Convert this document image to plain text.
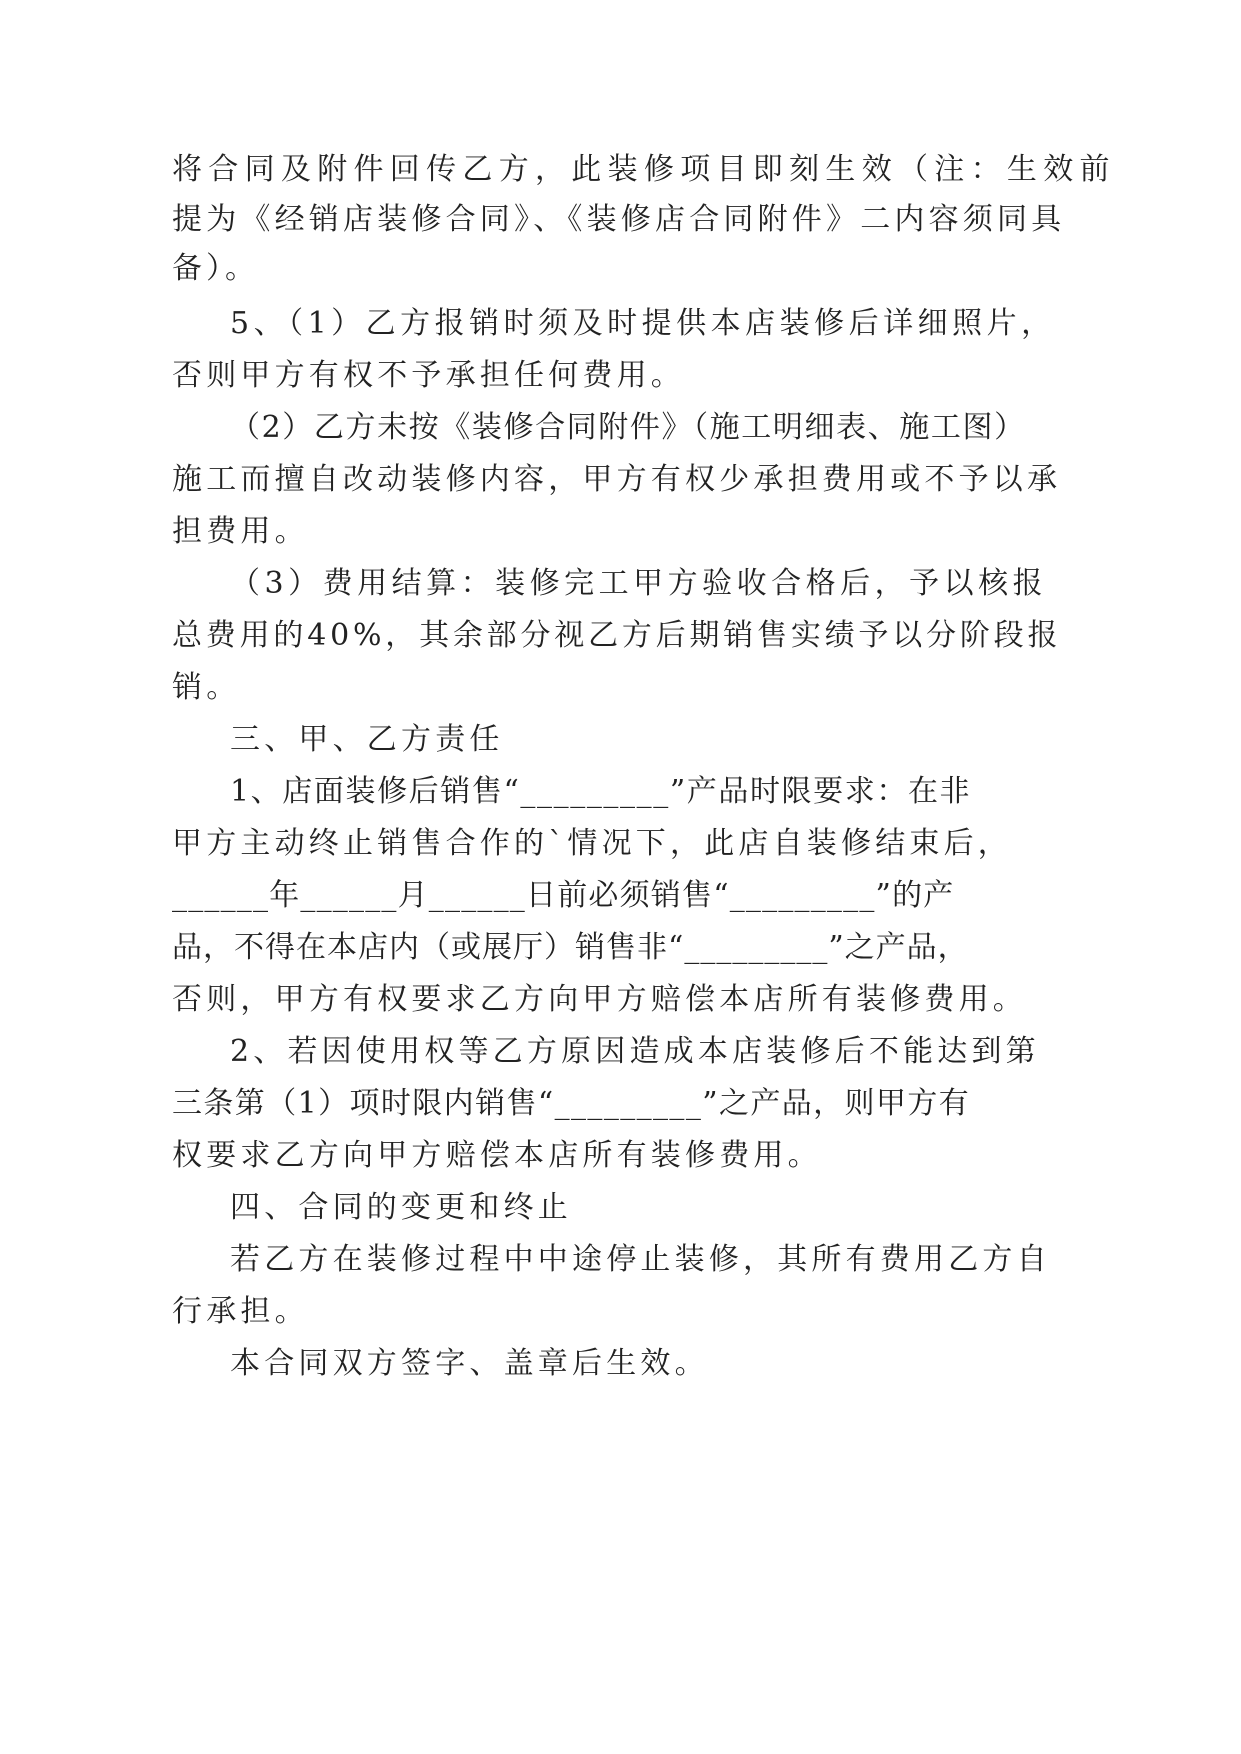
将合同及附件回传乙方，此装修项目即刻生效（注：生效前
提为《经销店装修合同》、《装修店合同附件》二内容须同具
备）。
5、（1）乙方报销时须及时提供本店装修后详细照片，
否则甲方有权不予承担任何费用。
（2）乙方未按《装修合同附件》（施工明细表、施工图）
施工而擅自改动装修内容，甲方有权少承担费用或不予以承
担费用。
（3）费用结算：装修完工甲方验收合格后，予以核报
总费用的40%，其余部分视乙方后期销售实绩予以分阶段报
销。
三、甲、乙方责任
1、店面装修后销售“_________”产品时限要求：在非
甲方主动终止销售合作的`情况下，此店自装修结束后，
______年______月______日前必须销售“_________”的产
品，不得在本店内（或展厅）销售非“_________”之产品，
否则，甲方有权要求乙方向甲方赔偿本店所有装修费用。
2、若因使用权等乙方原因造成本店装修后不能达到第
三条第（1）项时限内销售“_________”之产品，则甲方有
权要求乙方向甲方赔偿本店所有装修费用。
四、合同的变更和终止
若乙方在装修过程中中途停止装修，其所有费用乙方自
行承担。
本合同双方签字、盖章后生效。
